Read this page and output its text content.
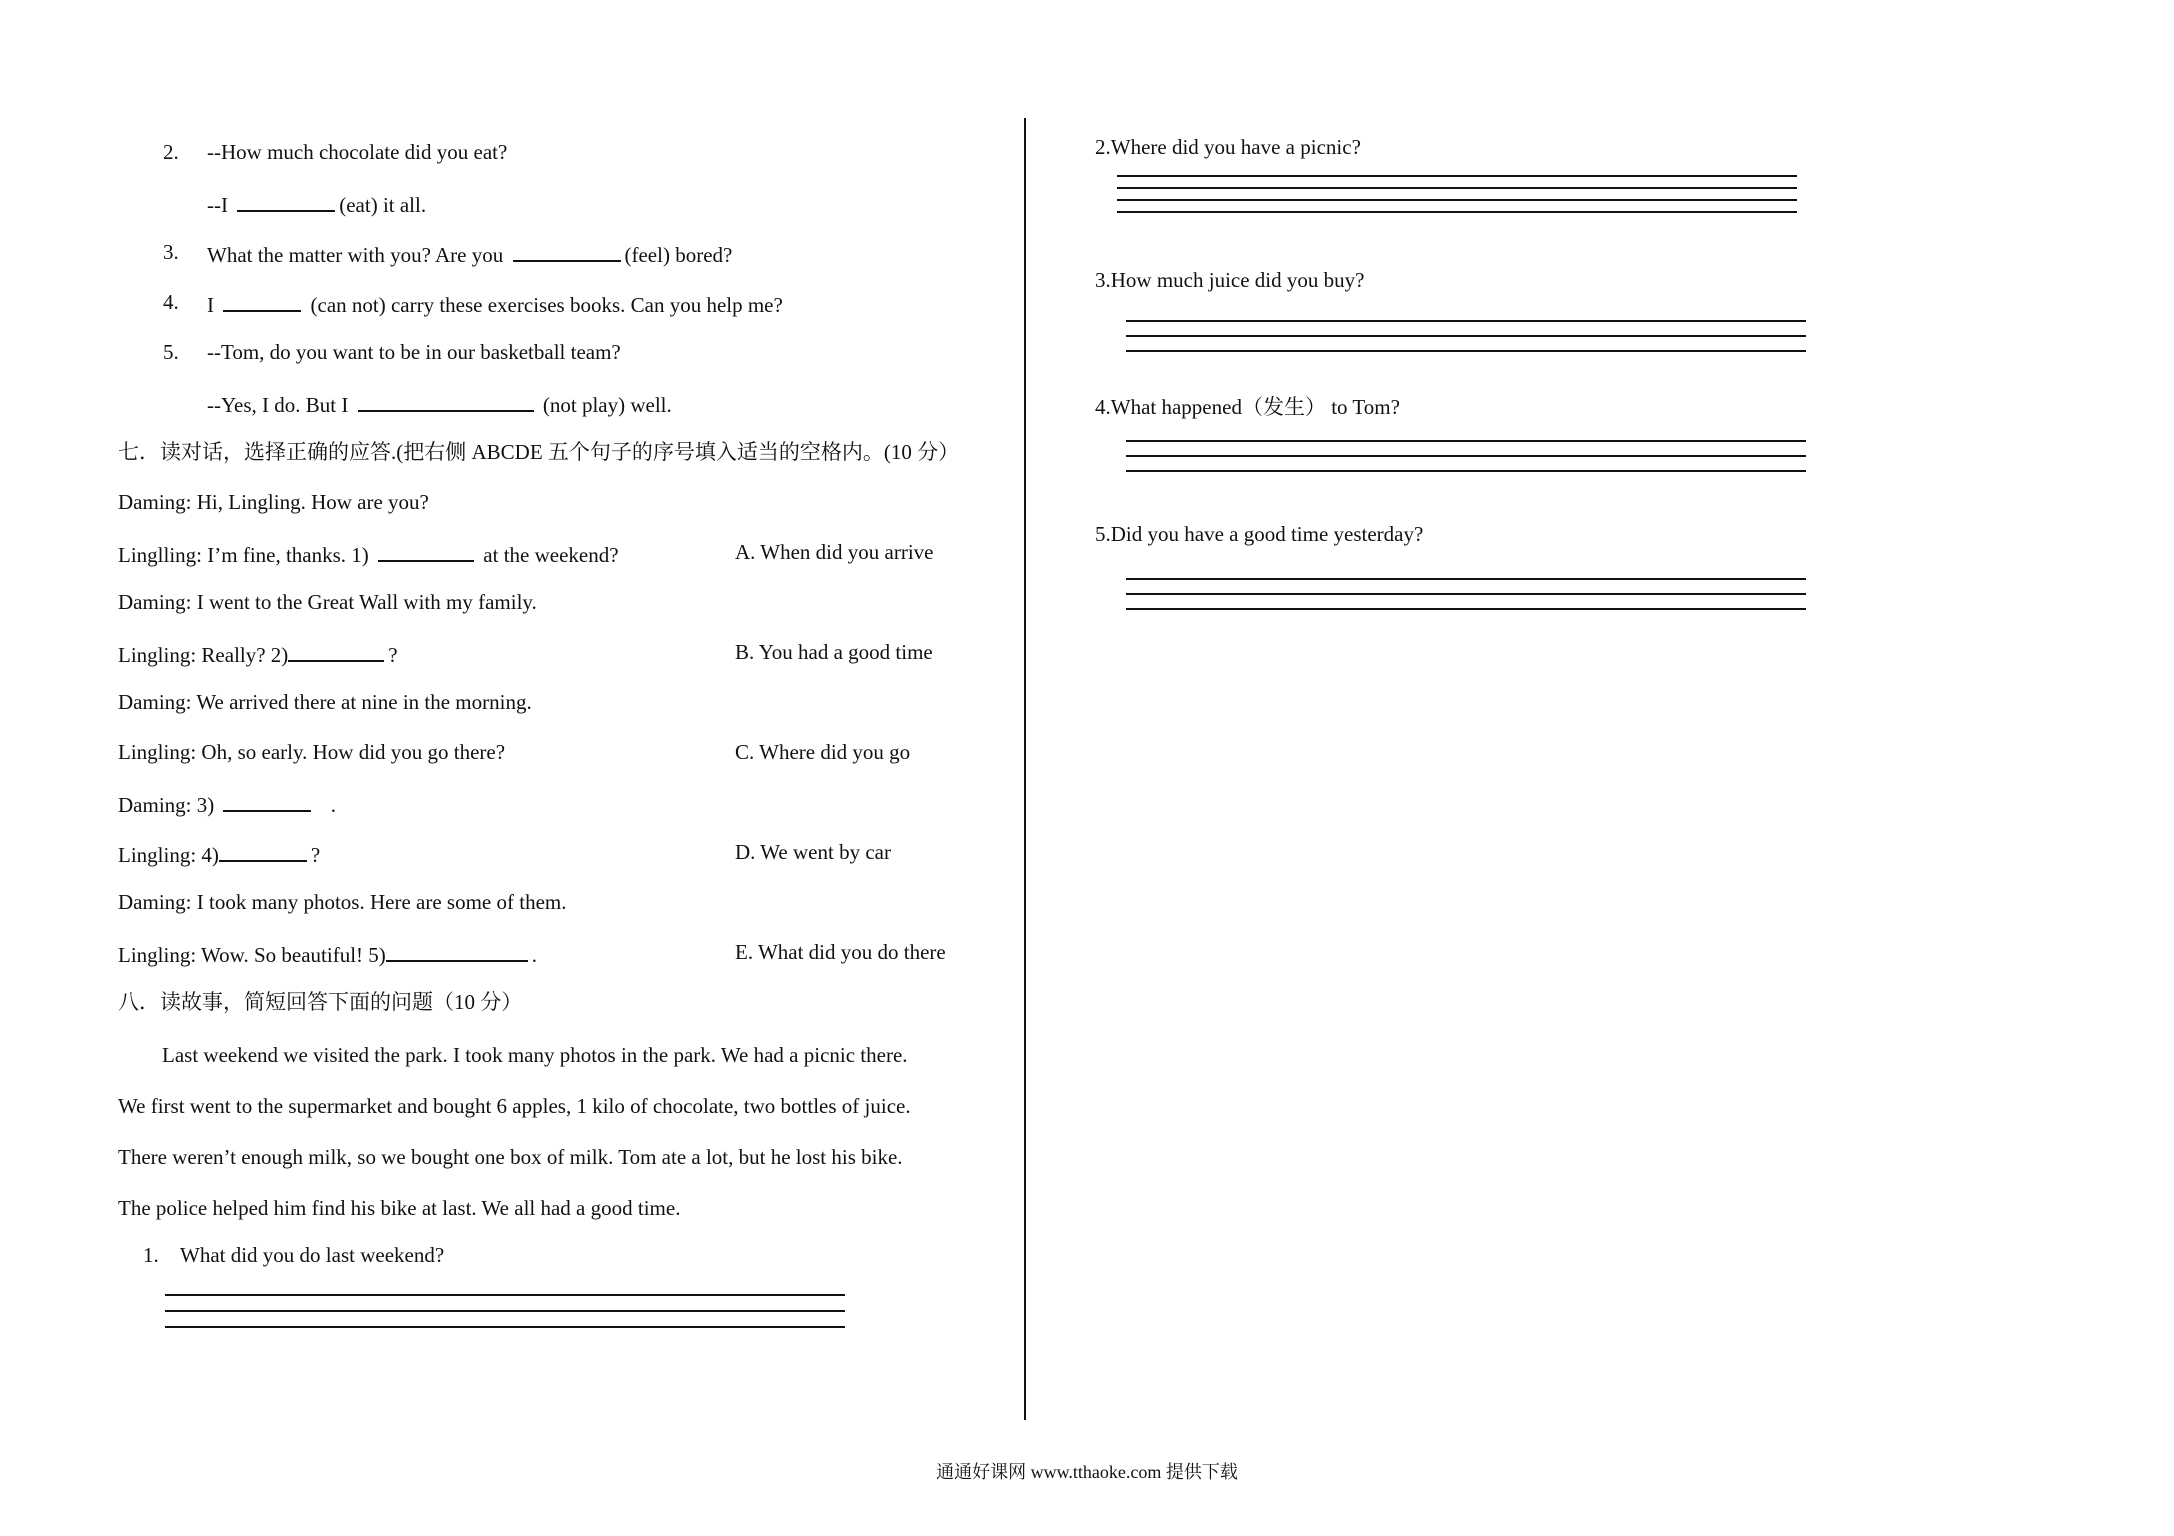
2. --How much chocolate did you eat?
--I	(eat) it all.
3. What the matter with you? Are you	(feel) bored?
4. I	(can not) carry these exercises books. Can you help me?
5. --Tom, do you want to be in our basketball team?
--Yes, I do. But I	(not play) well.
七．读对话，选择正确的应答.(把右侧 ABCDE 五个句子的序号填入适当的空格内。(10 分）
Daming: Hi, Lingling. How are you?
Linglling: I’m fine, thanks. 1)	at the weekend?	A. When did you arrive
Daming: I went to the Great Wall with my family.
Lingling: Really? 2)	?	B. You had a good time
Daming: We arrived there at nine in the morning.
Lingling: Oh, so early. How did you go there?	C. Where did you go
Daming: 3)	.
Lingling: 4)	?	D. We went by car
Daming: I took many photos. Here are some of them.
Lingling: Wow. So beautiful! 5)	.	E. What did you do there
八．读故事，简短回答下面的问题（10 分）

Last weekend we visited the park. I took many photos in the park. We had a picnic there.

We first went to the supermarket and bought 6 apples, 1 kilo of chocolate, two bottles of juice.

There weren’t enough milk, so we bought one box of milk. Tom ate a lot, but he lost his bike.

The police helped him find his bike at last. We all had a good time.

1. What did you do last weekend?
2.Where did you have a picnic?
3.How much juice did you buy?
4.What happened（发生） to Tom?
5.Did you have a good time yesterday?
通通好课网 www.tthaoke.com 提供下载
